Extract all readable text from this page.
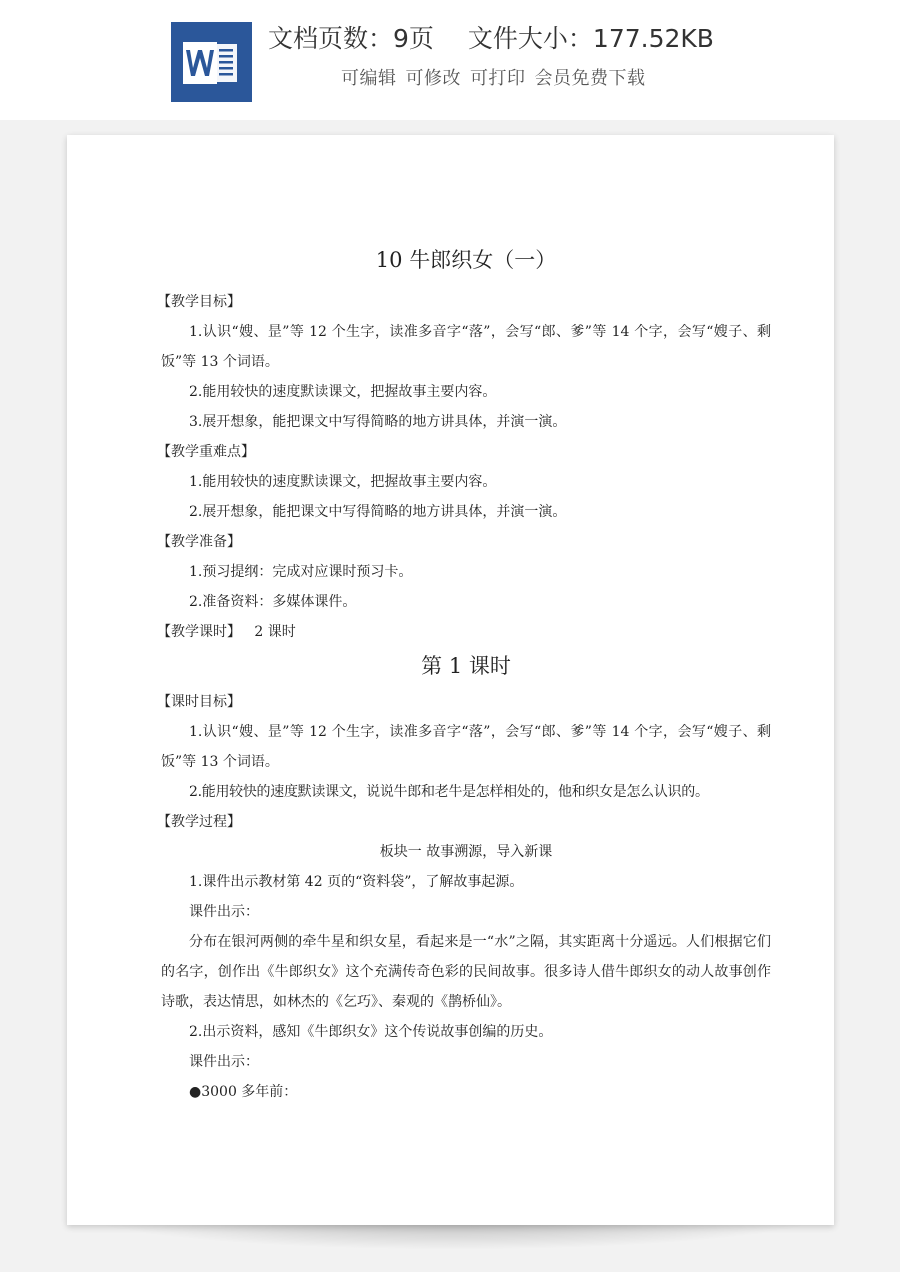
文档页数：9页 文件大小：177.52KB
可编辑 可修改 可打印 会员免费下载
10 牛郎织女（一）

【教学目标】

1.认识“嫂、昰”等 12 个生字，读准多音字“落”，会写“郎、爹”等 14 个字，会写“嫂子、剩饭”等 13 个词语。

2.能用较快的速度默读课文，把握故事主要内容。

3.展开想象，能把课文中写得简略的地方讲具体，并演一演。

【教学重难点】

1.能用较快的速度默读课文，把握故事主要内容。

2.展开想象，能把课文中写得简略的地方讲具体，并演一演。

【教学准备】

1.预习提纲：完成对应课时预习卡。

2.准备资料：多媒体课件。

【教学课时】 2 课时

第 1 课时

【课时目标】

1.认识“嫂、昰”等 12 个生字，读准多音字“落”，会写“郎、爹”等 14 个字，会写“嫂子、剩饭”等 13 个词语。

2.能用较快的速度默读课文，说说牛郎和老牛是怎样相处的，他和织女是怎么认识的。

【教学过程】

板块一 故事溯源，导入新课

1.课件出示教材第 42 页的“资料袋”，了解故事起源。

课件出示：

分布在银河两侧的牵牛星和织女星，看起来是一“水”之隔，其实距离十分遥远。人们根据它们的名字，创作出《牛郎织女》这个充满传奇色彩的民间故事。很多诗人借牛郎织女的动人故事创作诗歌，表达情思，如林杰的《乞巧》、秦观的《鹊桥仙》。

2.出示资料，感知《牛郎织女》这个传说故事创编的历史。

课件出示：

●3000 多年前：
